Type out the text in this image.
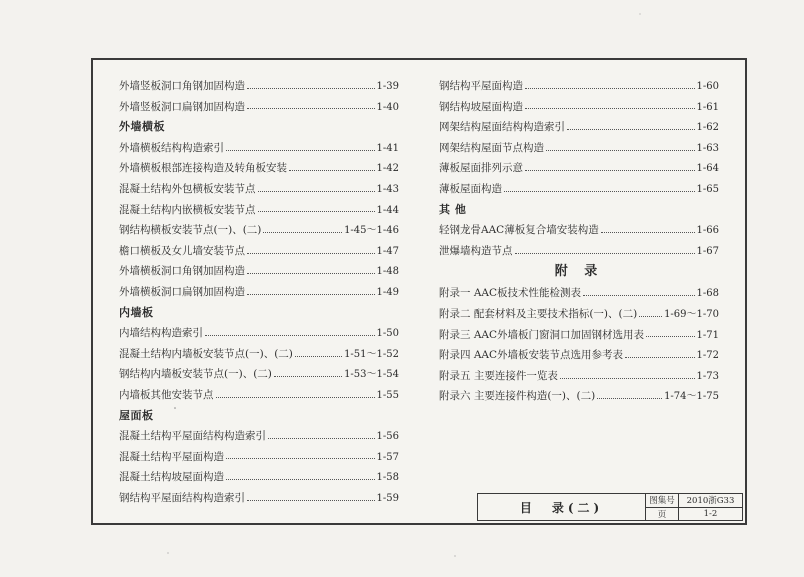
外墙竖板洞口角钢加固构造	1-39
外墙竖板洞口扁钢加固构造	1-40
外墙横板
外墙横板结构构造索引	1-41
外墙横板根部连接构造及转角板安装	1-42
混凝土结构外包横板安装节点	1-43
混凝土结构内嵌横板安装节点	1-44
钢结构横板安装节点(一)、(二)	1-45～1-46
檐口横板及女儿墙安装节点	1-47
外墙横板洞口角钢加固构造	1-48
外墙横板洞口扁钢加固构造	1-49
内墙板
内墙结构构造索引	1-50
混凝土结构内墙板安装节点(一)、(二)	1-51～1-52
钢结构内墙板安装节点(一)、(二)	1-53～1-54
内墙板其他安装节点	1-55
屋面板
混凝土结构平屋面结构构造索引	1-56
混凝土结构平屋面构造	1-57
混凝土结构坡屋面构造	1-58
钢结构平屋面结构构造索引	1-59
钢结构平屋面构造	1-60
钢结构坡屋面构造	1-61
网架结构屋面结构构造索引	1-62
网架结构屋面节点构造	1-63
薄板屋面排列示意	1-64
薄板屋面构造	1-65
其 他
轻钢龙骨AAC薄板复合墙安装构造	1-66
泄爆墙构造节点	1-67
附 录
附录一 AAC板技术性能检测表	1-68
附录二 配套材料及主要技术指标(一)、(二)	1-69～1-70
附录三 AAC外墙板门窗洞口加固钢材选用表	1-71
附录四 AAC外墙板安装节点选用参考表	1-72
附录五 主要连接件一览表	1-73
附录六 主要连接件构造(一)、(二)	1-74～1-75
目　录(二)	图集号	2010浙G33
页	1-2
